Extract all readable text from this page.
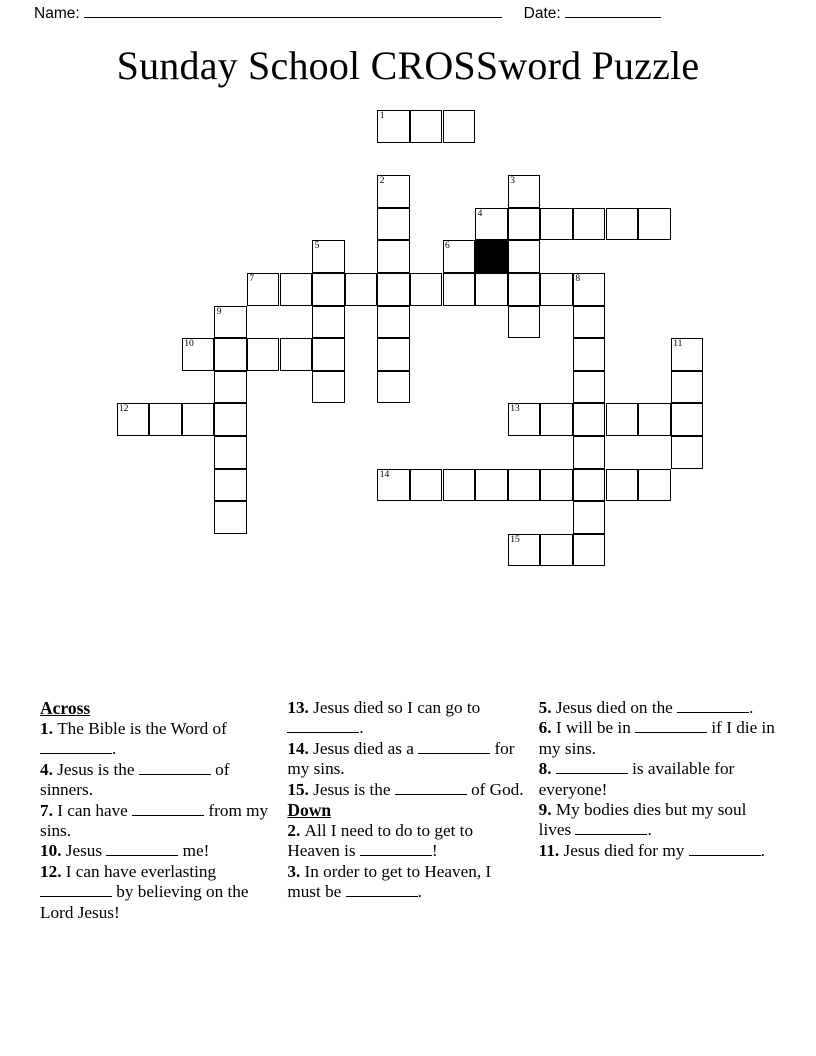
Name:	Date:
Sunday School CROSSword Puzzle
1
2	3
4
5	6
7	8
9
10	11
12	13
14
15
Across
1. The Bible is the Word of .
4. Jesus is the	of sinners.
7. I can have	from my sins.
10. Jesus	me!
12. I can have everlasting  by believing on the Lord Jesus!
13. Jesus died so I can go to .
14. Jesus died as a	for my sins.
15. Jesus is the	of God.
Down
2. All I need to do to get to Heaven is	!
3. In order to get to Heaven, I must be	.
5. Jesus died on the	.
6. I will be in	if I die in my sins.
8.	is available for everyone!
9. My bodies dies but my soul lives	.
11. Jesus died for my	.
